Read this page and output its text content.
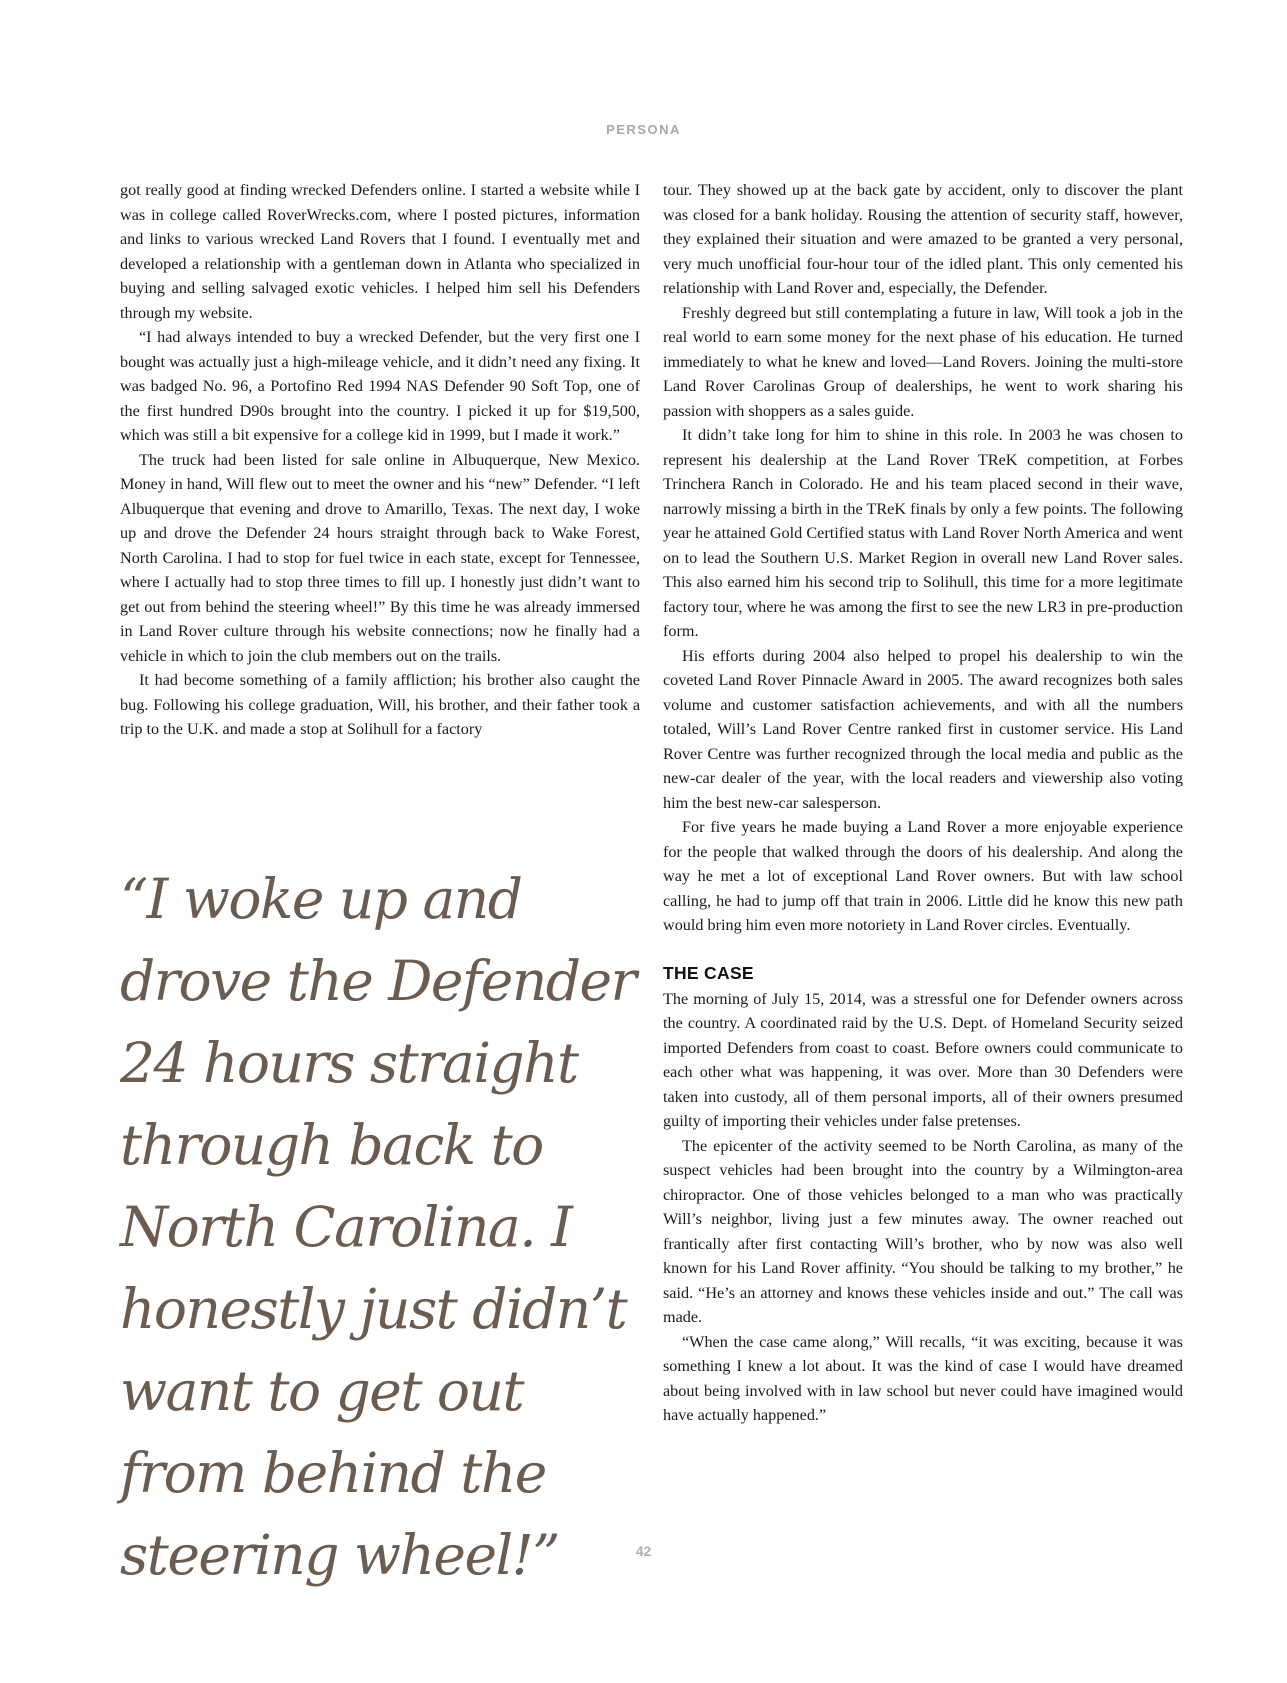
PERSONA

got really good at finding wrecked Defenders online. I started a website while I was in college called RoverWrecks.com, where I posted pictures, information and links to various wrecked Land Rovers that I found. I eventually met and developed a relationship with a gentleman down in Atlanta who specialized in buying and selling salvaged exotic vehicles. I helped him sell his Defenders through my website.

“I had always intended to buy a wrecked Defender, but the very first one I bought was actually just a high-mileage vehicle, and it didn’t need any fixing. It was badged No. 96, a Portofino Red 1994 NAS Defender 90 Soft Top, one of the first hundred D90s brought into the country. I picked it up for $19,500, which was still a bit expensive for a college kid in 1999, but I made it work.”

The truck had been listed for sale online in Albuquerque, New Mexico. Money in hand, Will flew out to meet the owner and his “new” Defender. “I left Albuquerque that evening and drove to Amarillo, Texas. The next day, I woke up and drove the Defender 24 hours straight through back to Wake Forest, North Carolina. I had to stop for fuel twice in each state, except for Tennessee, where I actually had to stop three times to fill up. I honestly just didn’t want to get out from behind the steering wheel!” By this time he was already immersed in Land Rover culture through his website connections; now he finally had a vehicle in which to join the club members out on the trails.

It had become something of a family affliction; his brother also caught the bug. Following his college graduation, Will, his brother, and their father took a trip to the U.K. and made a stop at Solihull for a factory

“I woke up and drove the Defender 24 hours straight through back to North Carolina. I honestly just didn’t want to get out from behind the steering wheel!”

tour. They showed up at the back gate by accident, only to discover the plant was closed for a bank holiday. Rousing the attention of security staff, however, they explained their situation and were amazed to be granted a very personal, very much unofficial four-hour tour of the idled plant. This only cemented his relationship with Land Rover and, especially, the Defender.

Freshly degreed but still contemplating a future in law, Will took a job in the real world to earn some money for the next phase of his education. He turned immediately to what he knew and loved—Land Rovers. Joining the multi-store Land Rover Carolinas Group of dealerships, he went to work sharing his passion with shoppers as a sales guide.

It didn’t take long for him to shine in this role. In 2003 he was chosen to represent his dealership at the Land Rover TReK competition, at Forbes Trinchera Ranch in Colorado. He and his team placed second in their wave, narrowly missing a birth in the TReK finals by only a few points. The following year he attained Gold Certified status with Land Rover North America and went on to lead the Southern U.S. Market Region in overall new Land Rover sales. This also earned him his second trip to Solihull, this time for a more legitimate factory tour, where he was among the first to see the new LR3 in pre-production form.

His efforts during 2004 also helped to propel his dealership to win the coveted Land Rover Pinnacle Award in 2005. The award recognizes both sales volume and customer satisfaction achievements, and with all the numbers totaled, Will’s Land Rover Centre ranked first in customer service. His Land Rover Centre was further recognized through the local media and public as the new-car dealer of the year, with the local readers and viewership also voting him the best new-car salesperson.

For five years he made buying a Land Rover a more enjoyable experience for the people that walked through the doors of his dealership. And along the way he met a lot of exceptional Land Rover owners. But with law school calling, he had to jump off that train in 2006. Little did he know this new path would bring him even more notoriety in Land Rover circles. Eventually.

THE CASE

The morning of July 15, 2014, was a stressful one for Defender owners across the country. A coordinated raid by the U.S. Dept. of Homeland Security seized imported Defenders from coast to coast. Before owners could communicate to each other what was happening, it was over. More than 30 Defenders were taken into custody, all of them personal imports, all of their owners presumed guilty of importing their vehicles under false pretenses.

The epicenter of the activity seemed to be North Carolina, as many of the suspect vehicles had been brought into the country by a Wilmington-area chiropractor. One of those vehicles belonged to a man who was practically Will’s neighbor, living just a few minutes away. The owner reached out frantically after first contacting Will’s brother, who by now was also well known for his Land Rover affinity. “You should be talking to my brother,” he said. “He’s an attorney and knows these vehicles inside and out.” The call was made.

“When the case came along,” Will recalls, “it was exciting, because it was something I knew a lot about. It was the kind of case I would have dreamed about being involved with in law school but never could have imagined would have actually happened.”

42
